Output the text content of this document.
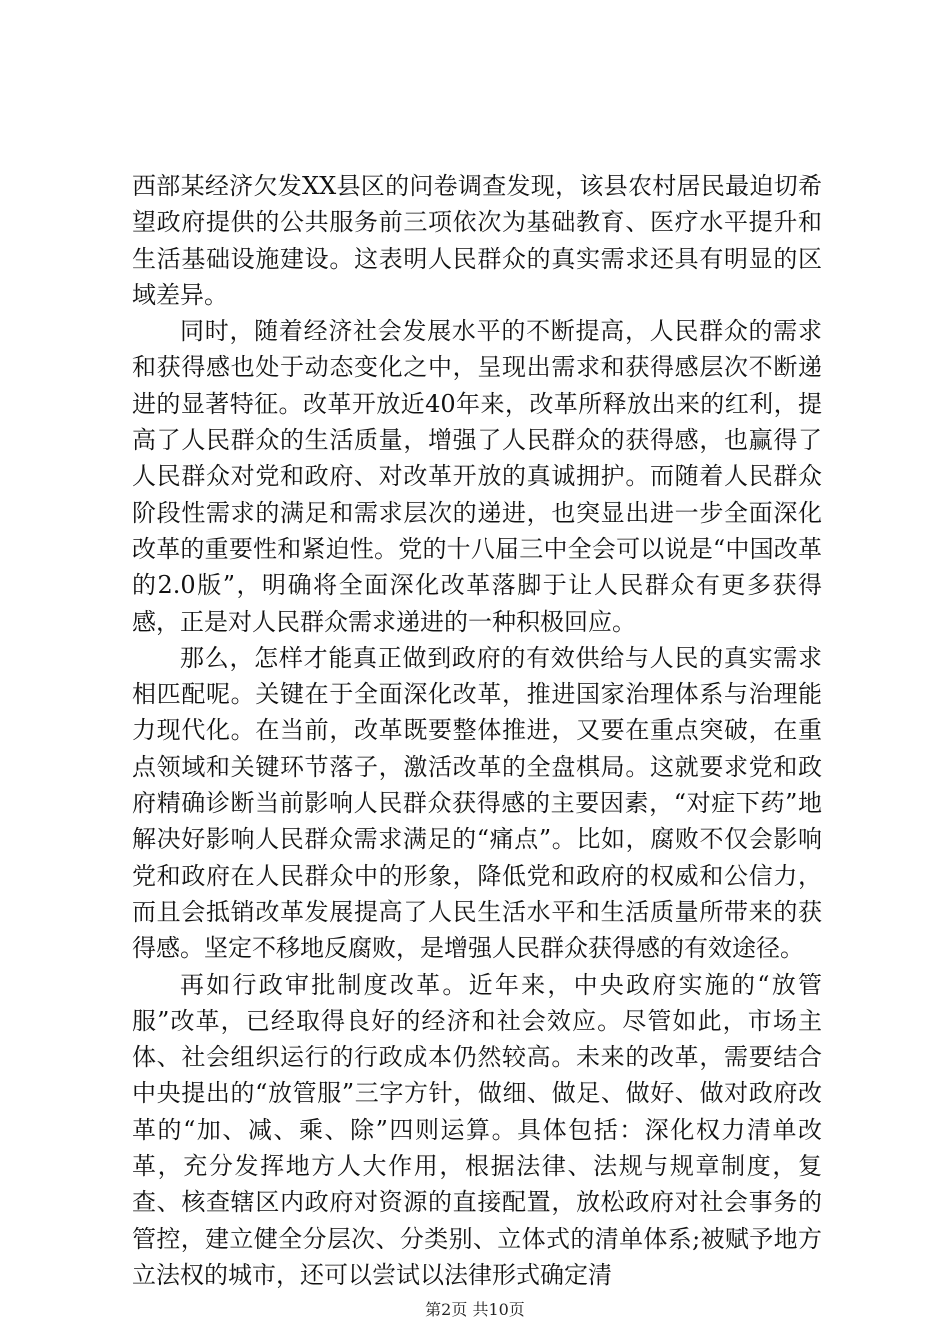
西部某经济欠发XX县区的问卷调查发现，该县农村居民最迫切希望政府提供的公共服务前三项依次为基础教育、医疗水平提升和生活基础设施建设。这表明人民群众的真实需求还具有明显的区域差异。

同时，随着经济社会发展水平的不断提高，人民群众的需求和获得感也处于动态变化之中，呈现出需求和获得感层次不断递进的显著特征。改革开放近40年来，改革所释放出来的红利，提高了人民群众的生活质量，增强了人民群众的获得感，也赢得了人民群众对党和政府、对改革开放的真诚拥护。而随着人民群众阶段性需求的满足和需求层次的递进，也突显出进一步全面深化改革的重要性和紧迫性。党的十八届三中全会可以说是“中国改革的2.0版”，明确将全面深化改革落脚于让人民群众有更多获得感，正是对人民群众需求递进的一种积极回应。

那么，怎样才能真正做到政府的有效供给与人民的真实需求相匹配呢。关键在于全面深化改革，推进国家治理体系与治理能力现代化。在当前，改革既要整体推进，又要在重点突破，在重点领域和关键环节落子，激活改革的全盘棋局。这就要求党和政府精确诊断当前影响人民群众获得感的主要因素，“对症下药”地解决好影响人民群众需求满足的“痛点”。比如，腐败不仅会影响党和政府在人民群众中的形象，降低党和政府的权威和公信力，而且会抵销改革发展提高了人民生活水平和生活质量所带来的获得感。坚定不移地反腐败，是增强人民群众获得感的有效途径。

再如行政审批制度改革。近年来，中央政府实施的“放管服”改革，已经取得良好的经济和社会效应。尽管如此，市场主体、社会组织运行的行政成本仍然较高。未来的改革，需要结合中央提出的“放管服”三字方针，做细、做足、做好、做对政府改革的“加、减、乘、除”四则运算。具体包括：深化权力清单改革，充分发挥地方人大作用，根据法律、法规与规章制度，复查、核查辖区内政府对资源的直接配置，放松政府对社会事务的管控，建立健全分层次、分类别、立体式的清单体系;被赋予地方立法权的城市，还可以尝试以法律形式确定清

第2页 共10页
